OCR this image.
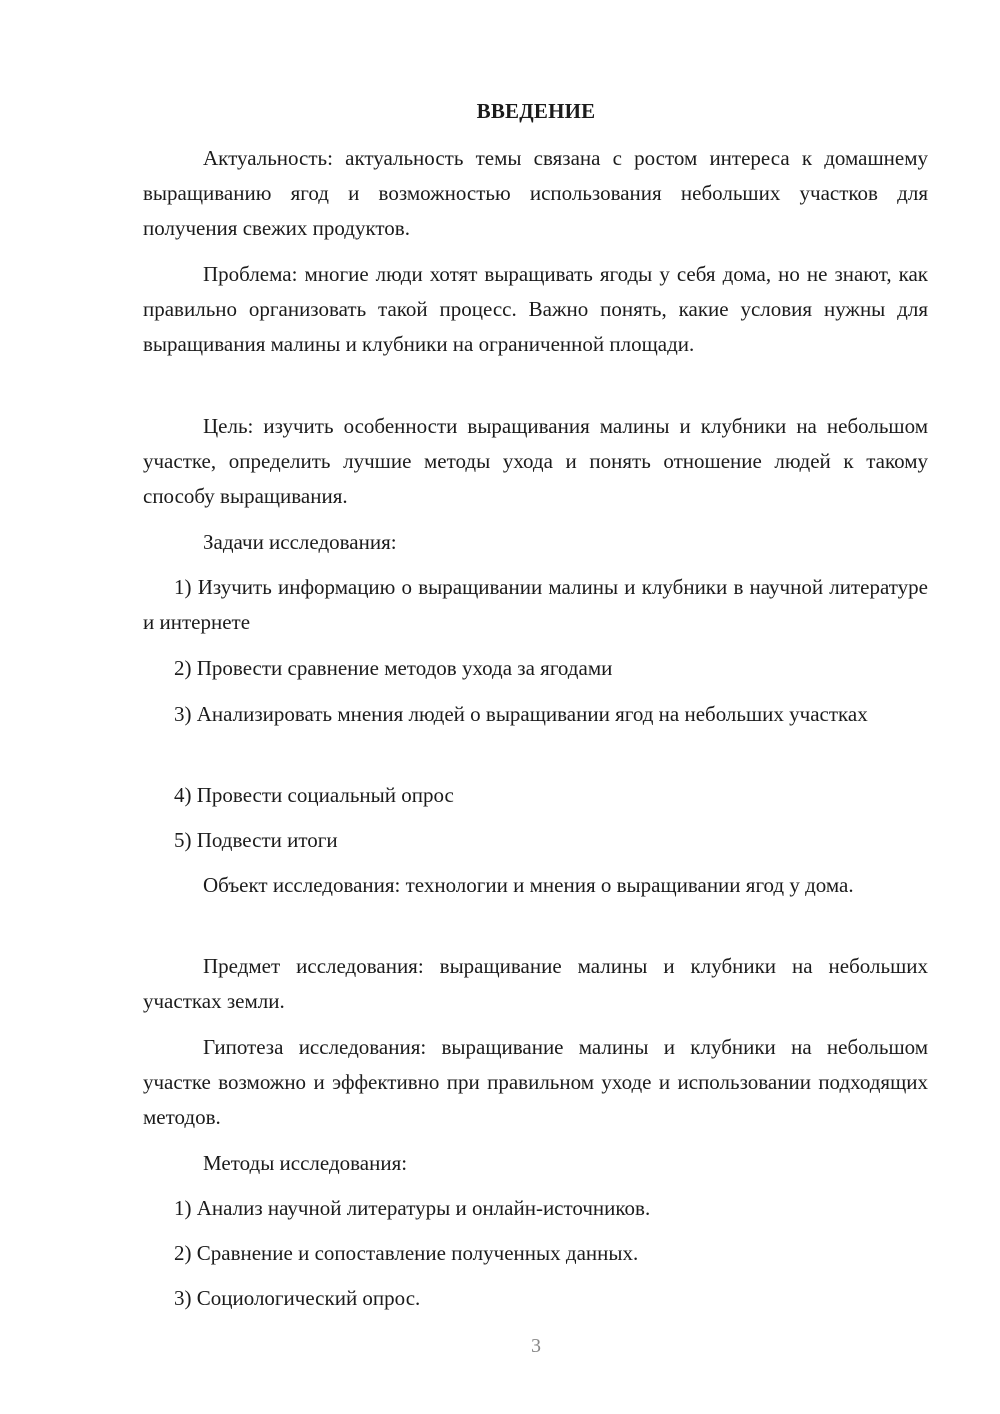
ВВЕДЕНИЕ

Актуальность: актуальность темы связана с ростом интереса к домашнему выращиванию ягод и возможностью использования небольших участков для получения свежих продуктов.

Проблема: многие люди хотят выращивать ягоды у себя дома, но не знают, как правильно организовать такой процесс. Важно понять, какие условия нужны для выращивания малины и клубники на ограниченной площади.

Цель: изучить особенности выращивания малины и клубники на небольшом участке, определить лучшие методы ухода и понять отношение людей к такому способу выращивания.

Задачи исследования:

1) Изучить информацию о выращивании малины и клубники в научной литературе и интернете

2) Провести сравнение методов ухода за ягодами

3) Анализировать мнения людей о выращивании ягод на небольших участках

4) Провести социальный опрос

5) Подвести итоги

Объект исследования: технологии и мнения о выращивании ягод у дома.

Предмет исследования: выращивание малины и клубники на небольших участках земли.

Гипотеза исследования: выращивание малины и клубники на небольшом участке возможно и эффективно при правильном уходе и использовании подходящих методов.

Методы исследования:

1) Анализ научной литературы и онлайн-источников.

2) Сравнение и сопоставление полученных данных.

3) Социологический опрос.

3
